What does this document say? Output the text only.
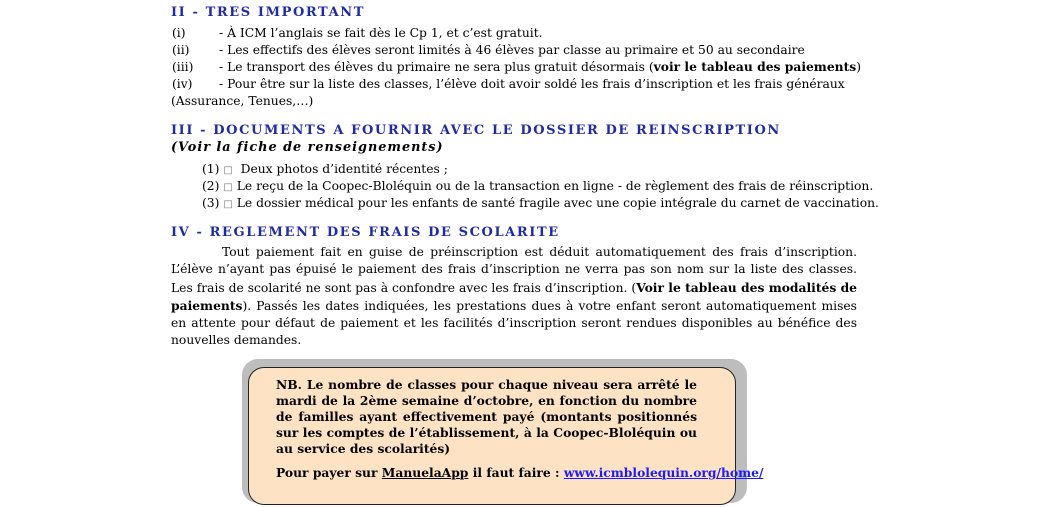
II - TRES IMPORTANT
(i)	- À ICM l’anglais se fait dès le Cp 1, et c’est gratuit.
(ii) - Les effectifs des élèves seront limités à 46 élèves par classe au primaire et 50 au secondaire
(iii) - Le transport des élèves du primaire ne sera plus gratuit désormais (voir le tableau des paiements)
(iv) - Pour être sur la liste des classes, l’élève doit avoir soldé les frais d’inscription et les frais généraux
(Assurance, Tenues,…)
III - DOCUMENTS A FOURNIR AVEC LE DOSSIER DE REINSCRIPTION
(Voir la fiche de renseignements)
(1) □ Deux photos d’identité récentes ;
(2) □ Le reçu de la Coopec-Bloléquin ou de la transaction en ligne - de règlement des frais de réinscription.
(3) □ Le dossier médical pour les enfants de santé fragile avec une copie intégrale du carnet de vaccination.
IV - REGLEMENT DES FRAIS DE SCOLARITE
Tout paiement fait en guise de préinscription est déduit automatiquement des frais d’inscription. L’élève n’ayant pas épuisé le paiement des frais d’inscription ne verra pas son nom sur la liste des classes. Les frais de scolarité ne sont pas à confondre avec les frais d’inscription. (Voir le tableau des modalités de paiements). Passés les dates indiquées, les prestations dues à votre enfant seront automatiquement mises en attente pour défaut de paiement et les facilités d’inscription seront rendues disponibles au bénéfice des nouvelles demandes.
NB. Le nombre de classes pour chaque niveau sera arrêté le mardi de la 2ème semaine d’octobre, en fonction du nombre de familles ayant effectivement payé (montants positionnés sur les comptes de l’établissement, à la Coopec-Bloléquin ou au service des scolarités)
Pour payer sur ManuelaApp il faut faire : www.icmblolequin.org/home/
